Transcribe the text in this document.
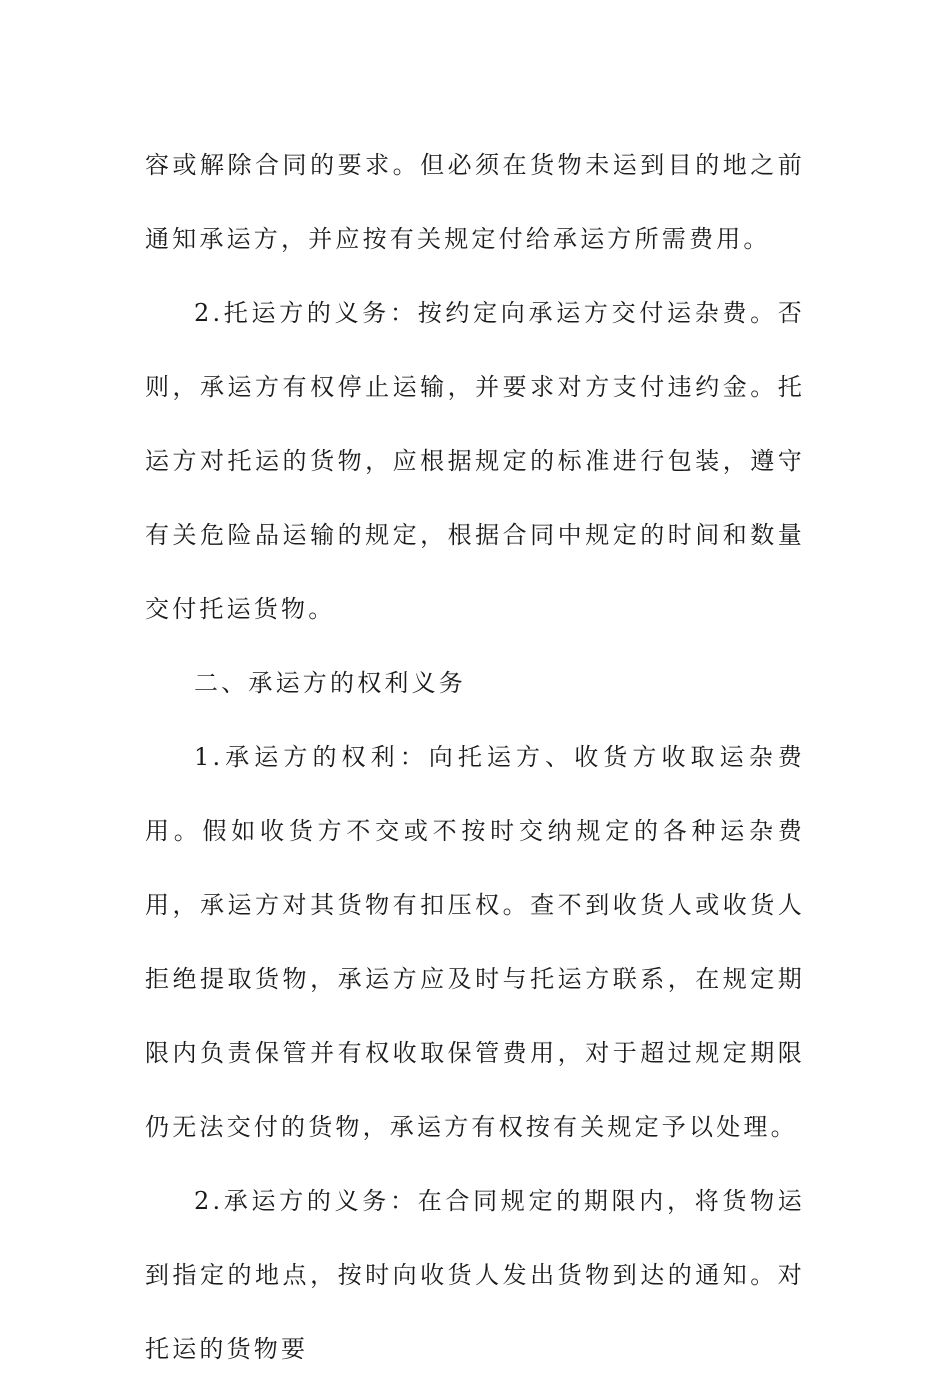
容或解除合同的要求。但必须在货物未运到目的地之前通知承运方，并应按有关规定付给承运方所需费用。

2.托运方的义务：按约定向承运方交付运杂费。否则，承运方有权停止运输，并要求对方支付违约金。托运方对托运的货物，应根据规定的标准进行包装，遵守有关危险品运输的规定，根据合同中规定的时间和数量交付托运货物。

二、承运方的权利义务

1.承运方的权利：向托运方、收货方收取运杂费用。假如收货方不交或不按时交纳规定的各种运杂费用，承运方对其货物有扣压权。查不到收货人或收货人拒绝提取货物，承运方应及时与托运方联系，在规定期限内负责保管并有权收取保管费用，对于超过规定期限仍无法交付的货物，承运方有权按有关规定予以处理。

2.承运方的义务：在合同规定的期限内，将货物运到指定的地点，按时向收货人发出货物到达的通知。对托运的货物要
